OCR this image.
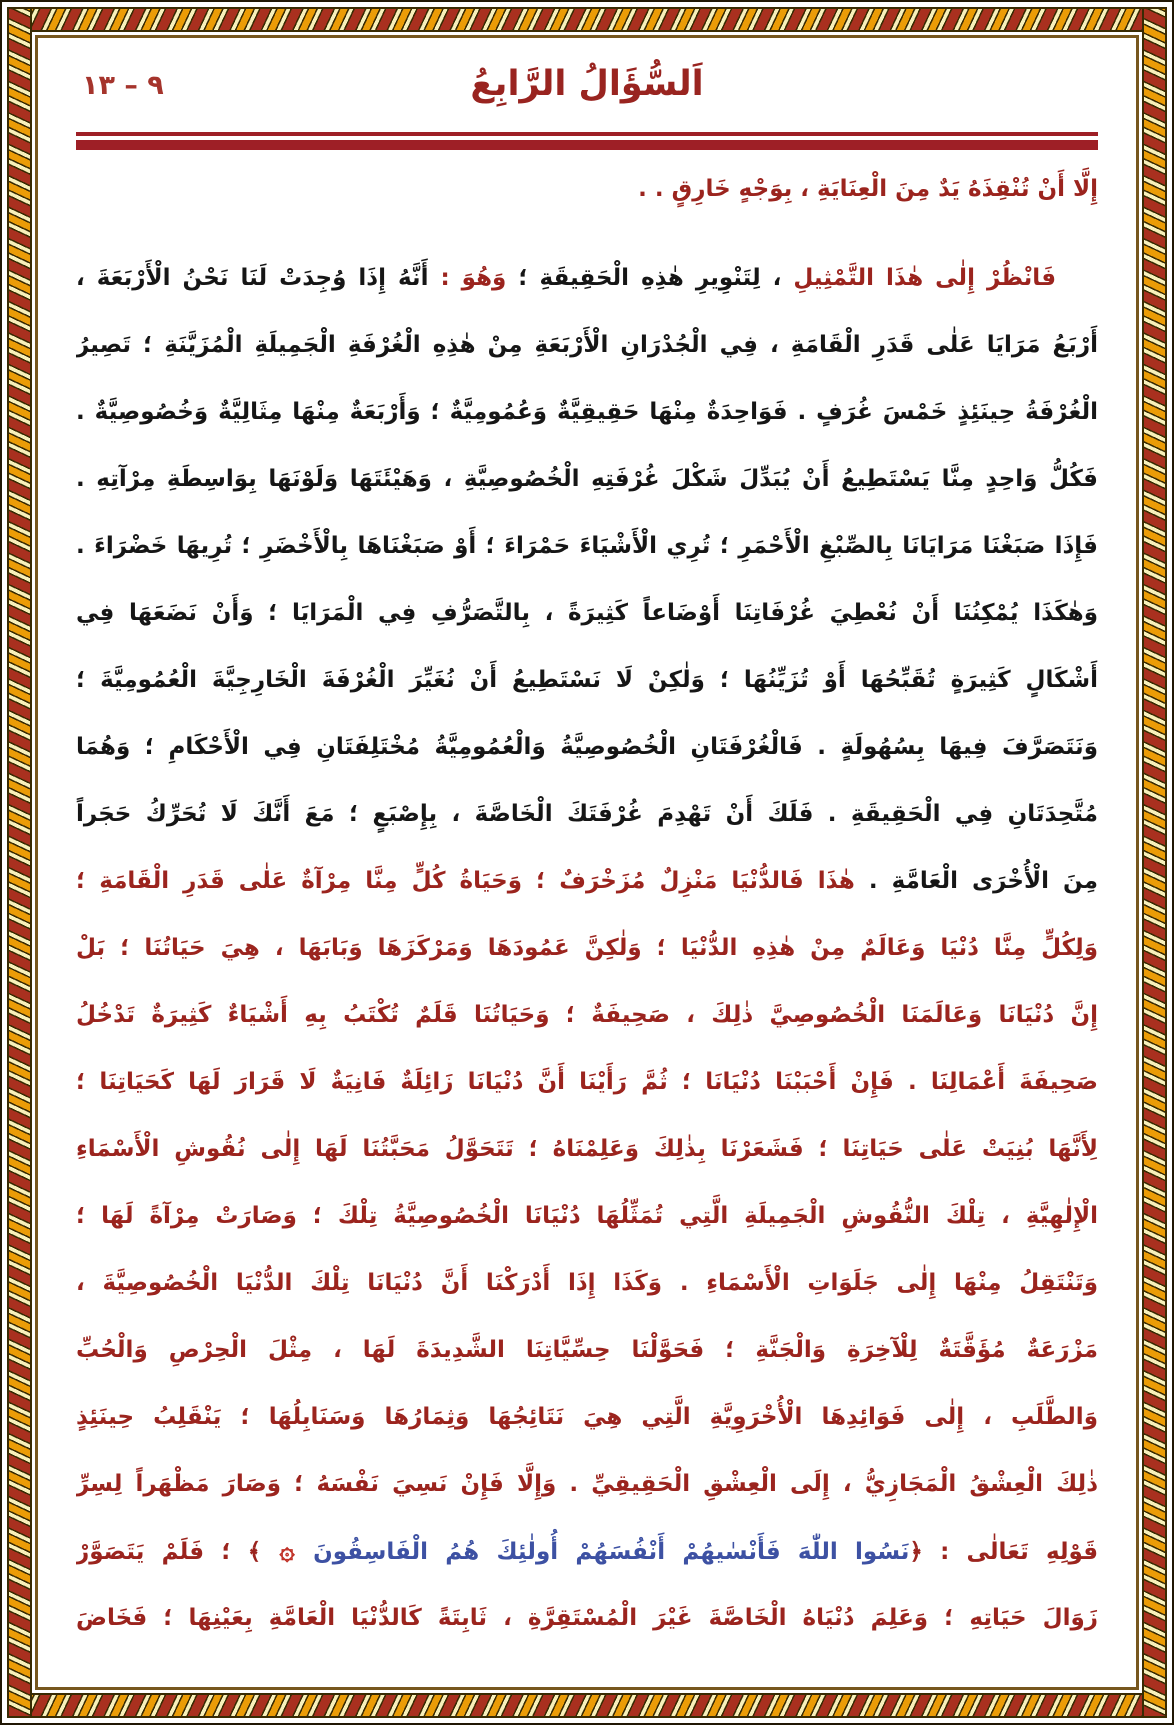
٩ – ١٣	اَلسُّؤَالُ الرَّابِعُ
إِلَّا أَنْ تُنْقِذَهُ يَدٌ مِنَ الْعِنَايَةِ ، بِوَجْهٍ خَارِقٍ . .
فَانْظُرْ إِلٰى هٰذَا التَّمْثِيلِ ، لِتَنْوِيرِ هٰذِهِ الْحَقِيقَةِ ؛ وَهُوَ : أَنَّهُ إِذَا وُجِدَتْ لَنَا نَحْنُ الْأَرْبَعَةَ ،
أَرْبَعُ مَرَايَا عَلٰى قَدَرِ الْقَامَةِ ، فِي الْجُدْرَانِ الْأَرْبَعَةِ مِنْ هٰذِهِ الْغُرْفَةِ الْجَمِيلَةِ الْمُزَيَّنَةِ ؛ تَصِيرُ
الْغُرْفَةُ حِينَئِذٍ خَمْسَ غُرَفٍ . فَوَاحِدَةٌ مِنْهَا حَقِيقِيَّةٌ وَعُمُومِيَّةٌ ؛ وَأَرْبَعَةٌ مِنْهَا مِثَالِيَّةٌ وَخُصُوصِيَّةٌ .
فَكُلُّ وَاحِدٍ مِنَّا يَسْتَطِيعُ أَنْ يُبَدِّلَ شَكْلَ غُرْفَتِهِ الْخُصُوصِيَّةِ ، وَهَيْئَتَهَا وَلَوْنَهَا بِوَاسِطَةِ مِرْآتِهِ .
فَإِذَا صَبَغْنَا مَرَايَانَا بِالصِّبْغِ الْأَحْمَرِ ؛ تُرِي الْأَشْيَاءَ حَمْرَاءَ ؛ أَوْ صَبَغْنَاهَا بِالْأَخْضَرِ ؛ تُرِيهَا خَضْرَاءَ .
وَهٰكَذَا يُمْكِنُنَا أَنْ نُعْطِيَ غُرْفَاتِنَا أَوْضَاعاً كَثِيرَةً ، بِالتَّصَرُّفِ فِي الْمَرَايَا ؛ وَأَنْ نَضَعَهَا فِي
أَشْكَالٍ كَثِيرَةٍ تُقَبِّحُهَا أَوْ تُزَيِّنُهَا ؛ وَلٰكِنْ لَا نَسْتَطِيعُ أَنْ نُغَيِّرَ الْغُرْفَةَ الْخَارِجِيَّةَ الْعُمُومِيَّةَ ؛
وَنَتَصَرَّفَ فِيهَا بِسُهُولَةٍ . فَالْغُرْفَتَانِ الْخُصُوصِيَّةُ وَالْعُمُومِيَّةُ مُخْتَلِفَتَانِ فِي الْأَحْكَامِ ؛ وَهُمَا
مُتَّحِدَتَانِ فِي الْحَقِيقَةِ . فَلَكَ أَنْ تَهْدِمَ غُرْفَتَكَ الْخَاصَّةَ ، بِإِصْبَعٍ ؛ مَعَ أَنَّكَ لَا تُحَرِّكُ حَجَراً
مِنَ الْأُخْرَى الْعَامَّةِ . هٰذَا فَالدُّنْيَا مَنْزِلٌ مُزَخْرَفٌ ؛ وَحَيَاةُ كُلٍّ مِنَّا مِرْآةٌ عَلٰى قَدَرِ الْقَامَةِ ؛
وَلِكُلٍّ مِنَّا دُنْيَا وَعَالَمٌ مِنْ هٰذِهِ الدُّنْيَا ؛ وَلٰكِنَّ عَمُودَهَا وَمَرْكَزَهَا وَبَابَهَا ، هِيَ حَيَاتُنَا ؛ بَلْ
إِنَّ دُنْيَانَا وَعَالَمَنَا الْخُصُوصِيَّ ذٰلِكَ ، صَحِيفَةٌ ؛ وَحَيَاتُنَا قَلَمٌ تُكْتَبُ بِهِ أَشْيَاءٌ كَثِيرَةٌ تَدْخُلُ
صَحِيفَةَ أَعْمَالِنَا . فَإِنْ أَحْبَبْنَا دُنْيَانَا ؛ ثُمَّ رَأَيْنَا أَنَّ دُنْيَانَا زَائِلَةٌ فَانِيَةٌ لَا قَرَارَ لَهَا كَحَيَاتِنَا ؛
لِأَنَّهَا بُنِيَتْ عَلٰى حَيَاتِنَا ؛ فَشَعَرْنَا بِذٰلِكَ وَعَلِمْنَاهُ ؛ تَتَحَوَّلُ مَحَبَّتُنَا لَهَا إِلٰى نُقُوشِ الْأَسْمَاءِ
الْإِلٰهِيَّةِ ، تِلْكَ النُّقُوشِ الْجَمِيلَةِ الَّتِي تُمَثِّلُهَا دُنْيَانَا الْخُصُوصِيَّةُ تِلْكَ ؛ وَصَارَتْ مِرْآةً لَهَا ؛
وَتَنْتَقِلُ مِنْهَا إِلٰى جَلَوَاتِ الْأَسْمَاءِ . وَكَذَا إِذَا أَدْرَكْنَا أَنَّ دُنْيَانَا تِلْكَ الدُّنْيَا الْخُصُوصِيَّةَ ،
مَزْرَعَةٌ مُؤَقَّتَةٌ لِلْآخِرَةِ وَالْجَنَّةِ ؛ فَحَوَّلْنَا حِسِّيَّاتِنَا الشَّدِيدَةَ لَهَا ، مِثْلَ الْحِرْصِ وَالْحُبِّ
وَالطَّلَبِ ، إِلٰى فَوَائِدِهَا الْأُخْرَوِيَّةِ الَّتِي هِيَ نَتَائِجُهَا وَثِمَارُهَا وَسَنَابِلُهَا ؛ يَنْقَلِبُ حِينَئِذٍ
ذٰلِكَ الْعِشْقُ الْمَجَازِيُّ ، إِلَى الْعِشْقِ الْحَقِيقِيِّ . وَإِلَّا فَإِنْ نَسِيَ نَفْسَهُ ؛ وَصَارَ مَظْهَراً لِسِرِّ
قَوْلِهِ تَعَالٰى : ﴿نَسُوا اللّٰهَ فَأَنْسٰيهُمْ أَنْفُسَهُمْ أُولٰئِكَ هُمُ الْفَاسِقُونَ ۞ ﴾ ؛ فَلَمْ يَتَصَوَّرْ
زَوَالَ حَيَاتِهِ ؛ وَعَلِمَ دُنْيَاهُ الْخَاصَّةَ غَيْرَ الْمُسْتَقِرَّةِ ، ثَابِتَةً كَالدُّنْيَا الْعَامَّةِ بِعَيْنِهَا ؛ فَخَاضَ
